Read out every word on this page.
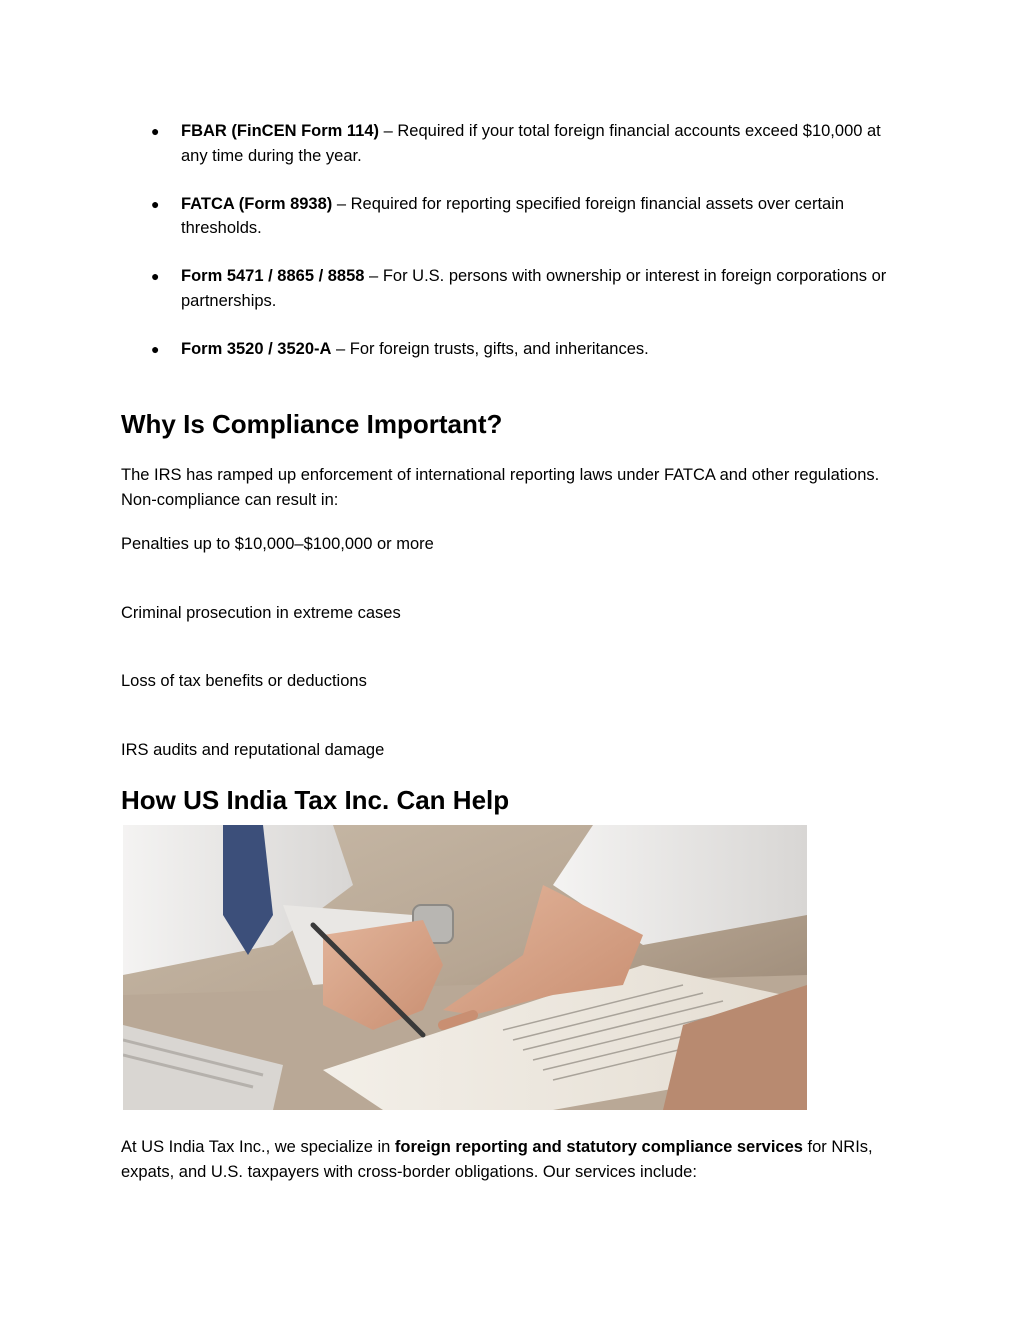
● FBAR (FinCEN Form 114) – Required if your total foreign financial accounts exceed $10,000 at any time during the year.
● FATCA (Form 8938) – Required for reporting specified foreign financial assets over certain thresholds.
● Form 5471 / 8865 / 8858 – For U.S. persons with ownership or interest in foreign corporations or partnerships.
● Form 3520 / 3520-A – For foreign trusts, gifts, and inheritances.
Why Is Compliance Important?

The IRS has ramped up enforcement of international reporting laws under FATCA and other regulations. Non-compliance can result in:

Penalties up to $10,000–$100,000 or more

Criminal prosecution in extreme cases

Loss of tax benefits or deductions

IRS audits and reputational damage

How US India Tax Inc. Can Help

At US India Tax Inc., we specialize in foreign reporting and statutory compliance services for NRIs, expats, and U.S. taxpayers with cross-border obligations. Our services include:
